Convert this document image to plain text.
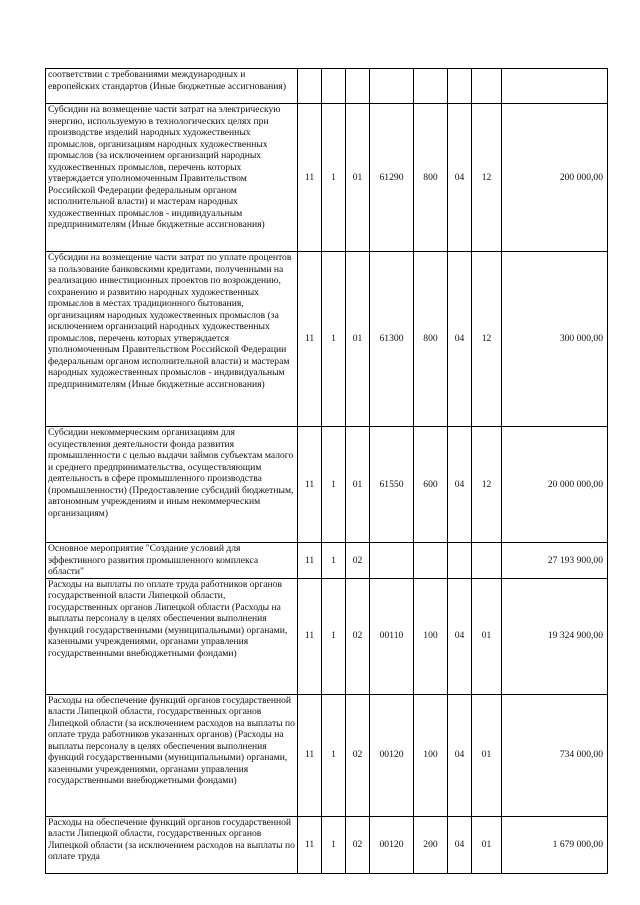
соответствии с требованиями международных и европейских стандартов (Иные бюджетные ассигнования)								
Субсидии на возмещение части затрат на электрическую энергию, используемую в технологических целях при производстве изделий народных художественных промыслов, организациям народных художественных промыслов (за исключением организаций народных художественных промыслов, перечень которых утверждается уполномоченным Правительством Российской Федерации федеральным органом исполнительной власти) и мастерам народных художественных промыслов - индивидуальным предпринимателям (Иные бюджетные ассигнования)	11	1	01	61290	800	04	12	200 000,00
Субсидии на возмещение части затрат по уплате процентов за пользование банковскими кредитами, полученными на реализацию инвестиционных проектов по возрождению, сохранению и развитию народных художественных промыслов в местах традиционного бытования, организациям народных художественных промыслов (за исключением организаций народных художественных промыслов, перечень которых утверждается уполномоченным Правительством Российской Федерации федеральным органом исполнительной власти) и мастерам народных художественных промыслов - индивидуальным предпринимателям (Иные бюджетные ассигнования)	11	1	01	61300	800	04	12	300 000,00
Субсидии некоммерческим организациям для осуществления деятельности фонда развития промышленности с целью выдачи займов субъектам малого и среднего предпринимательства, осуществляющим деятельность в сфере промышленного производства (промышленности) (Предоставление субсидий бюджетным, автономным учреждениям и иным некоммерческим организациям)	11	1	01	61550	600	04	12	20 000 000,00
Основное мероприятие "Создание условий для эффективного развития промышленного комплекса области"	11	1	02					27 193 900,00
Расходы на выплаты по оплате труда работников органов государственной власти Липецкой области, государственных органов Липецкой области (Расходы на выплаты персоналу в целях обеспечения выполнения функций государственными (муниципальными) органами, казенными учреждениями, органами управления государственными внебюджетными фондами)	11	1	02	00110	100	04	01	19 324 900,00
Расходы на обеспечение функций органов государственной власти Липецкой области, государственных органов Липецкой области (за исключением расходов на выплаты по оплате труда работников указанных органов) (Расходы на выплаты персоналу в целях обеспечения выполнения функций государственными (муниципальными) органами, казенными учреждениями, органами управления государственными внебюджетными фондами)	11	1	02	00120	100	04	01	734 000,00
Расходы на обеспечение функций органов государственной власти Липецкой области, государственных органов Липецкой области (за исключением расходов на выплаты по оплате труда	11	1	02	00120	200	04	01	1 679 000,00
